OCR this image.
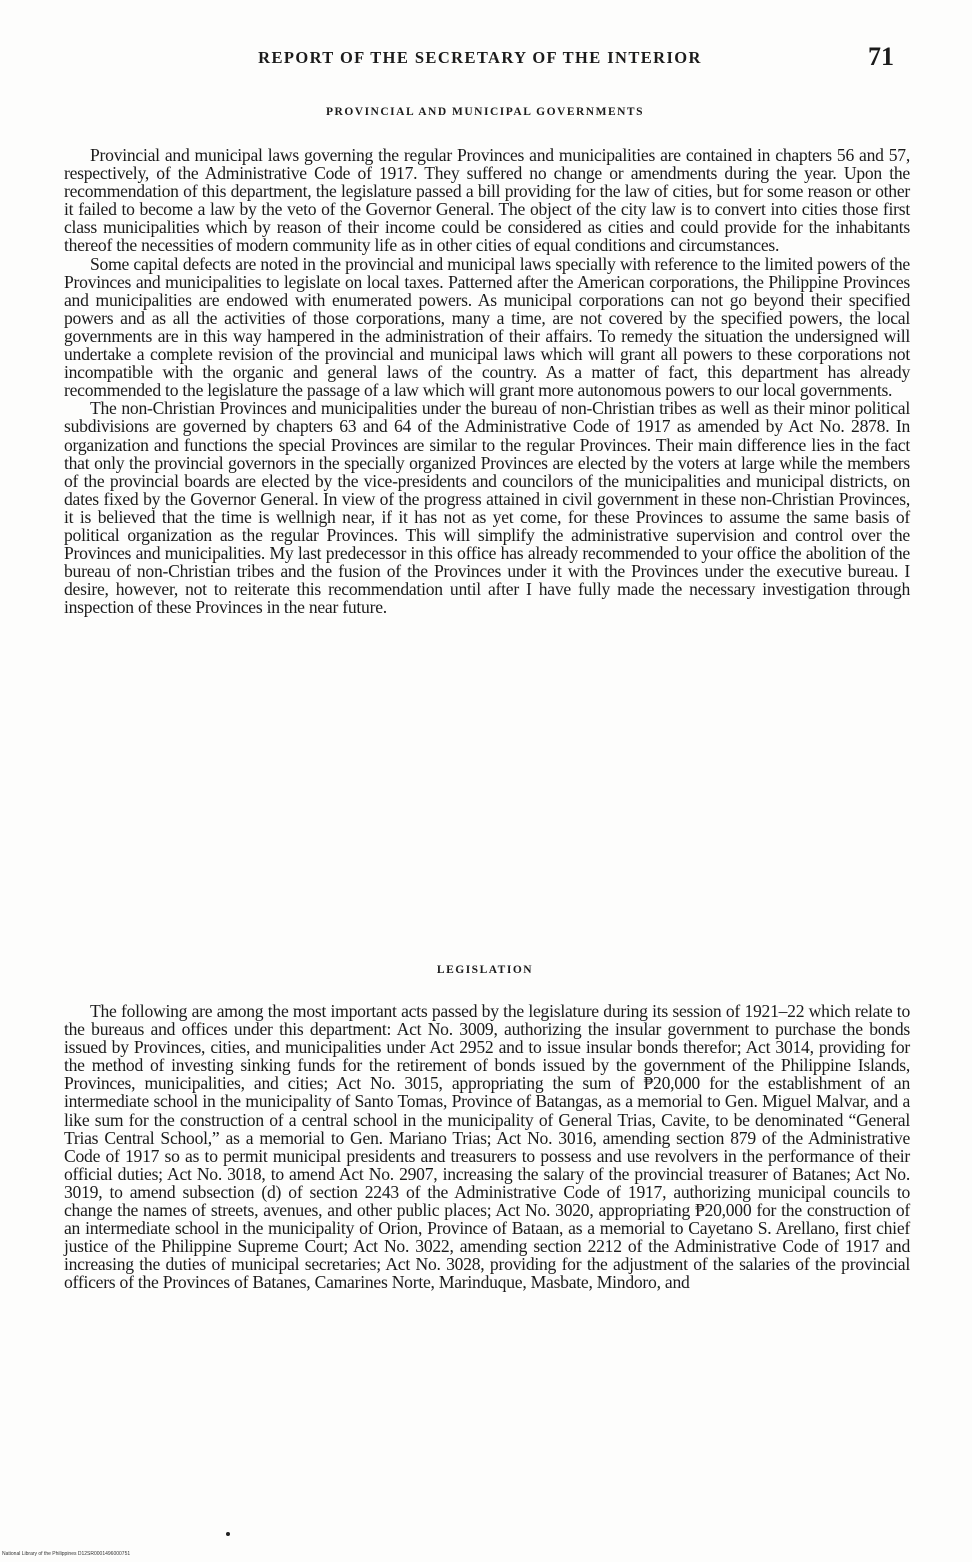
REPORT OF THE SECRETARY OF THE INTERIOR	71
PROVINCIAL AND MUNICIPAL GOVERNMENTS

Provincial and municipal laws governing the regular Provinces and municipalities are contained in chapters 56 and 57, respectively, of the Administrative Code of 1917. They suffered no change or amendments during the year. Upon the recommendation of this department, the legislature passed a bill providing for the law of cities, but for some reason or other it failed to become a law by the veto of the Governor General. The object of the city law is to convert into cities those first class municipalities which by reason of their income could be considered as cities and could provide for the inhabitants thereof the necessities of modern community life as in other cities of equal conditions and circumstances.

Some capital defects are noted in the provincial and municipal laws specially with reference to the limited powers of the Provinces and municipalities to legislate on local taxes. Patterned after the American corporations, the Philippine Provinces and municipalities are endowed with enumerated powers. As municipal corporations can not go beyond their specified powers and as all the activities of those corporations, many a time, are not covered by the specified powers, the local governments are in this way hampered in the administration of their affairs. To remedy the situation the undersigned will undertake a complete revision of the provincial and municipal laws which will grant all powers to these corporations not incompatible with the organic and general laws of the country. As a matter of fact, this department has already recommended to the legislature the passage of a law which will grant more autonomous powers to our local governments.

The non-Christian Provinces and municipalities under the bureau of non-Christian tribes as well as their minor political subdivisions are governed by chapters 63 and 64 of the Administrative Code of 1917 as amended by Act No. 2878. In organization and functions the special Provinces are similar to the regular Provinces. Their main difference lies in the fact that only the provincial governors in the specially organized Provinces are elected by the voters at large while the members of the provincial boards are elected by the vice-presidents and councilors of the municipalities and municipal districts, on dates fixed by the Governor General. In view of the progress attained in civil government in these non-Christian Provinces, it is believed that the time is wellnigh near, if it has not as yet come, for these Provinces to assume the same basis of political organization as the regular Provinces. This will simplify the administrative supervision and control over the Provinces and municipalities. My last predecessor in this office has already recommended to your office the abolition of the bureau of non-Christian tribes and the fusion of the Provinces under it with the Provinces under the executive bureau. I desire, however, not to reiterate this recommendation until after I have fully made the necessary investigation through inspection of these Provinces in the near future.

LEGISLATION

The following are among the most important acts passed by the legislature during its session of 1921–22 which relate to the bureaus and offices under this department: Act No. 3009, authorizing the insular government to purchase the bonds issued by Provinces, cities, and municipalities under Act 2952 and to issue insular bonds therefor; Act 3014, providing for the method of investing sinking funds for the retirement of bonds issued by the government of the Philippine Islands, Provinces, municipalities, and cities; Act No. 3015, appropriating the sum of ₱20,000 for the establishment of an intermediate school in the municipality of Santo Tomas, Province of Batangas, as a memorial to Gen. Miguel Malvar, and a like sum for the construction of a central school in the municipality of General Trias, Cavite, to be denominated “General Trias Central School,” as a memorial to Gen. Mariano Trias; Act No. 3016, amending section 879 of the Administrative Code of 1917 so as to permit municipal presidents and treasurers to possess and use revolvers in the performance of their official duties; Act No. 3018, to amend Act No. 2907, increasing the salary of the provincial treasurer of Batanes; Act No. 3019, to amend subsection (d) of section 2243 of the Administrative Code of 1917, authorizing municipal councils to change the names of streets, avenues, and other public places; Act No. 3020, appropriating ₱20,000 for the construction of an intermediate school in the municipality of Orion, Province of Bataan, as a memorial to Cayetano S. Arellano, first chief justice of the Philippine Supreme Court; Act No. 3022, amending section 2212 of the Administrative Code of 1917 and increasing the duties of municipal secretaries; Act No. 3028, providing for the adjustment of the salaries of the provincial officers of the Provinces of Batanes, Camarines Norte, Marinduque, Masbate, Mindoro, and

National Library of the Philippines D12SR0001496000751
